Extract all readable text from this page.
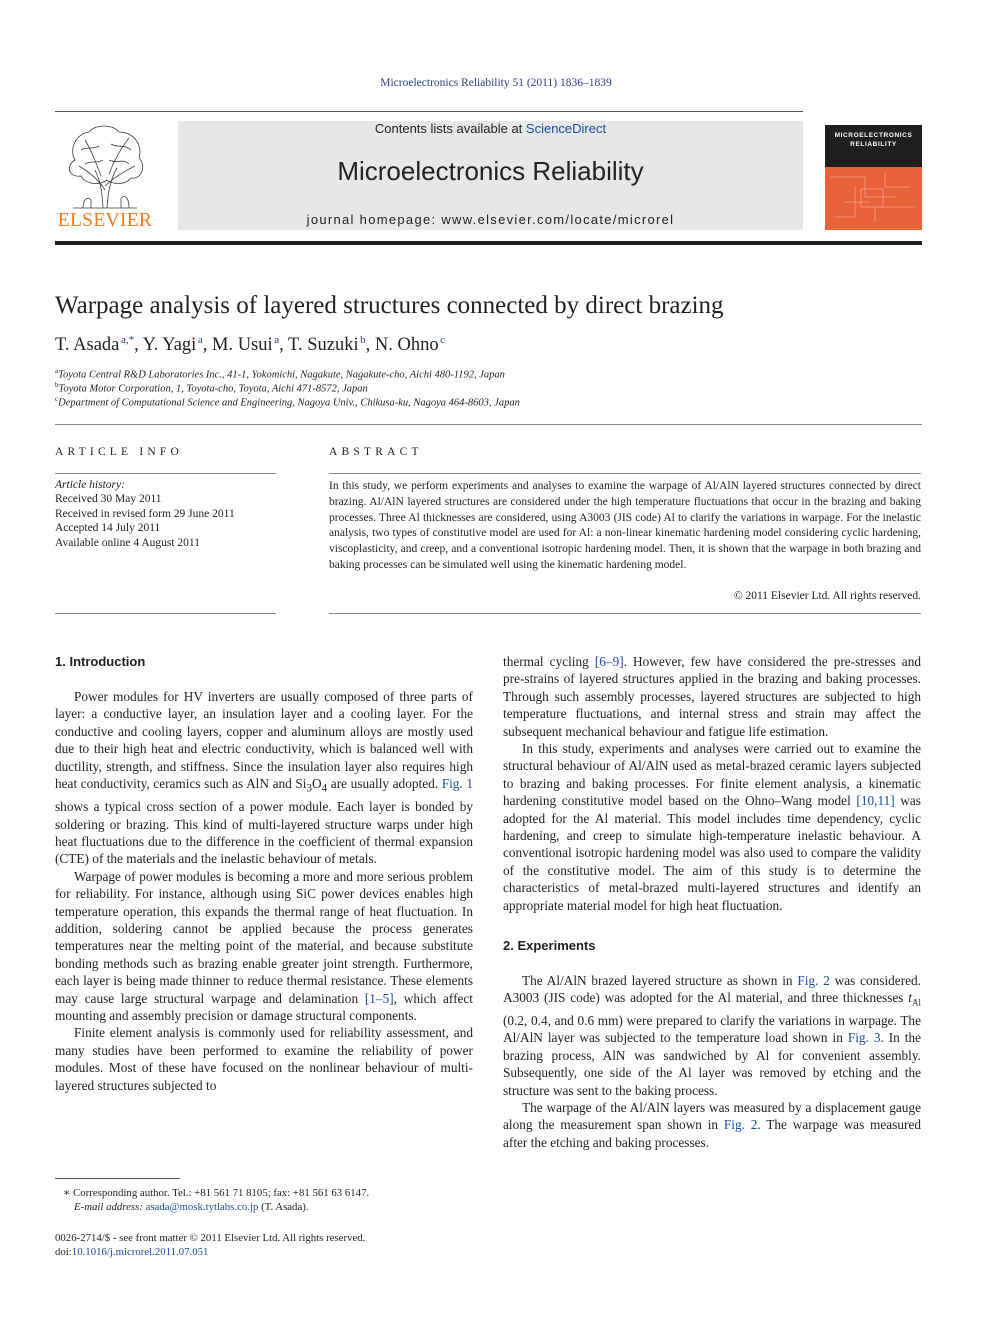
Microelectronics Reliability 51 (2011) 1836–1839
ELSEVIER
Contents lists available at ScienceDirect
Microelectronics Reliability
journal homepage: www.elsevier.com/locate/microrel
MICROELECTRONICS
RELIABILITY
Warpage analysis of layered structures connected by direct brazing
T. Asada  $^{a,*}$, Y. Yagi  $^a$, M. Usui  $^a$, T. Suzuki  $^b$, N. Ohno  $^c$
$^a$Toyota Central R&D Laboratories Inc., 41-1, Yokomichi, Nagakute, Nagakute-cho, Aichi 480-1192, Japan
$^b$Toyota Motor Corporation, 1, Toyota-cho, Toyota, Aichi 471-8572, Japan
$^c$Department of Computational Science and Engineering, Nagoya Univ., Chikusa-ku, Nagoya 464-8603, Japan
ARTICLE INFO
Article history:
Received 30 May 2011
Received in revised form 29 June 2011
Accepted 14 July 2011
Available online 4 August 2011
ABSTRACT
In this study, we perform experiments and analyses to examine the warpage of Al/AlN layered structures connected by direct brazing. Al/AlN layered structures are considered under the high temperature fluctuations that occur in the brazing and baking processes. Three Al thicknesses are considered, using A3003 (JIS code) Al to clarify the variations in warpage. For the inelastic analysis, two types of constitutive model are used for Al: a non-linear kinematic hardening model considering cyclic hardening, viscoplasticity, and creep, and a conventional isotropic hardening model. Then, it is shown that the warpage in both brazing and baking processes can be simulated well using the kinematic hardening model.
© 2011 Elsevier Ltd. All rights reserved.
1. Introduction

Power modules for HV inverters are usually composed of three parts of layer: a conductive layer, an insulation layer and a cooling layer. For the conductive and cooling layers, copper and aluminum alloys are mostly used due to their high heat and electric conductivity, which is balanced well with ductility, strength, and stiffness. Since the insulation layer also requires high heat conductivity, ceramics such as AlN and $Si_3O_4$ are usually adopted. Fig. 1 shows a typical cross section of a power module. Each layer is bonded by soldering or brazing. This kind of multi-layered structure warps under high heat fluctuations due to the difference in the coefficient of thermal expansion (CTE) of the materials and the inelastic behaviour of metals.

Warpage of power modules is becoming a more and more serious problem for reliability. For instance, although using SiC power devices enables high temperature operation, this expands the thermal range of heat fluctuation. In addition, soldering cannot be applied because the process generates temperatures near the melting point of the material, and because substitute bonding methods such as brazing enable greater joint strength. Furthermore, each layer is being made thinner to reduce thermal resistance. These elements may cause large structural warpage and delamination [1–5], which affect mounting and assembly precision or damage structural components.

Finite element analysis is commonly used for reliability assessment, and many studies have been performed to examine the reliability of power modules. Most of these have focused on the nonlinear behaviour of multi-layered structures subjected to

thermal cycling [6–9]. However, few have considered the pre-stresses and pre-strains of layered structures applied in the brazing and baking processes. Through such assembly processes, layered structures are subjected to high temperature fluctuations, and internal stress and strain may affect the subsequent mechanical behaviour and fatigue life estimation.

In this study, experiments and analyses were carried out to examine the structural behaviour of Al/AlN used as metal-brazed ceramic layers subjected to brazing and baking processes. For finite element analysis, a kinematic hardening constitutive model based on the Ohno–Wang model [10,11] was adopted for the Al material. This model includes time dependency, cyclic hardening, and creep to simulate high-temperature inelastic behaviour. A conventional isotropic hardening model was also used to compare the validity of the constitutive model. The aim of this study is to determine the characteristics of metal-brazed multi-layered structures and identify an appropriate material model for high heat fluctuation.

2. Experiments

The Al/AlN brazed layered structure as shown in Fig. 2 was considered. A3003 (JIS code) was adopted for the Al material, and three thicknesses $t_{Al}$ (0.2, 0.4, and 0.6 mm) were prepared to clarify the variations in warpage. The Al/AlN layer was subjected to the temperature load shown in Fig. 3. In the brazing process, AlN was sandwiched by Al for convenient assembly. Subsequently, one side of the Al layer was removed by etching and the structure was sent to the baking process.

The warpage of the Al/AlN layers was measured by a displacement gauge along the measurement span shown in Fig. 2. The warpage was measured after the etching and baking processes.

∗ Corresponding author. Tel.: +81 561 71 8105; fax: +81 561 63 6147.
E-mail address: asada@mosk.tytlabs.co.jp (T. Asada).
0026-2714/$ - see front matter © 2011 Elsevier Ltd. All rights reserved.
doi:10.1016/j.microrel.2011.07.051
